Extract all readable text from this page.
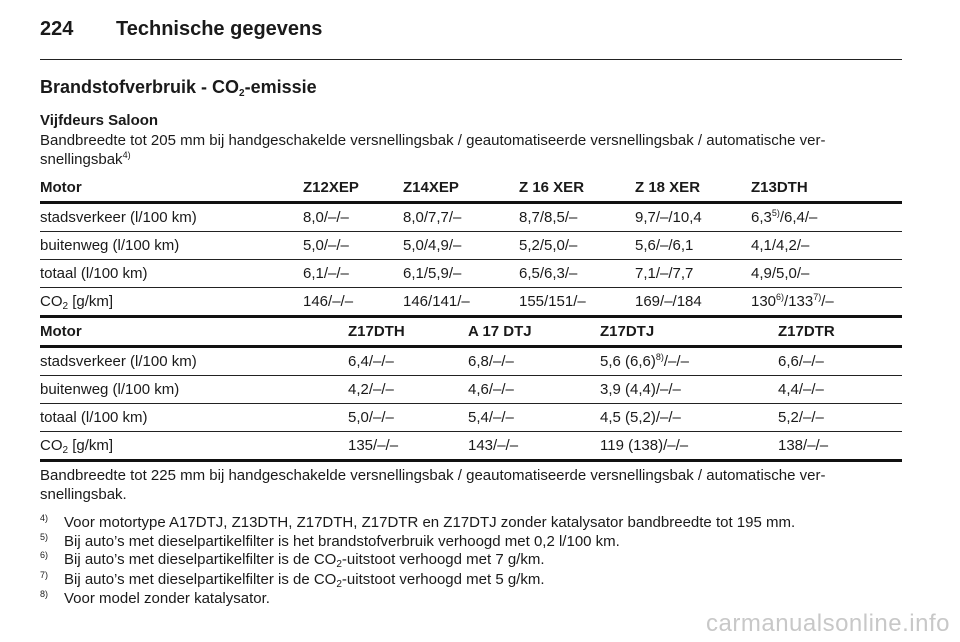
224 Technische gegevens
Brandstofverbruik - $CO_2$-emissie
Vijfdeurs Saloon
Bandbreedte tot 205 mm bij handgeschakelde versnellingsbak / geautomatiseerde versnellingsbak / automatische versnellingsbak$^{4)}$
Motor	Z12XEP	Z14XEP	Z 16 XER	Z 18 XER	Z13DTH
stadsverkeer (l/100 km)	8,0/–/–	8,0/7,7/–	8,7/8,5/–	9,7/–/10,4	6,3$^{5)}$/6,4/–
buitenweg (l/100 km)	5,0/–/–	5,0/4,9/–	5,2/5,0/–	5,6/–/6,1	4,1/4,2/–
totaal (l/100 km)	6,1/–/–	6,1/5,9/–	6,5/6,3/–	7,1/–/7,7	4,9/5,0/–
$CO_2$ [g/km]	146/–/–	146/141/–	155/151/–	169/–/184	130$^{6)}$/133$^{7)}$/–
Motor	Z17DTH	A 17 DTJ	Z17DTJ	Z17DTR
stadsverkeer (l/100 km)	6,4/–/–	6,8/–/–	5,6 $(6,6)^{8)}/-/-$	6,6/–/–
buitenweg (l/100 km)	4,2/–/–	4,6/–/–	3,9 (4,4)/–/–	4,4/–/–
totaal (l/100 km)	5,0/–/–	5,4/–/–	4,5 (5,2)/–/–	5,2/–/–
$CO_2$ [g/km]	135/–/–	143/–/–	119 (138)/–/–	138/–/–
Bandbreedte tot 225 mm bij handgeschakelde versnellingsbak / geautomatiseerde versnellingsbak / automatische versnellingsbak.
4) Voor motortype A17DTJ, Z13DTH, Z17DTH, Z17DTR en Z17DTJ zonder katalysator bandbreedte tot 195 mm.
5) Bij auto’s met dieselpartikelfilter is het brandstofverbruik verhoogd met 0,2 l/100 km.
6) Bij auto’s met dieselpartikelfilter is de $CO_2$-uitstoot verhoogd met 7 g/km.
7) Bij auto’s met dieselpartikelfilter is de $CO_2$-uitstoot verhoogd met 5 g/km.
8) Voor model zonder katalysator.
carmanualsonline.info
